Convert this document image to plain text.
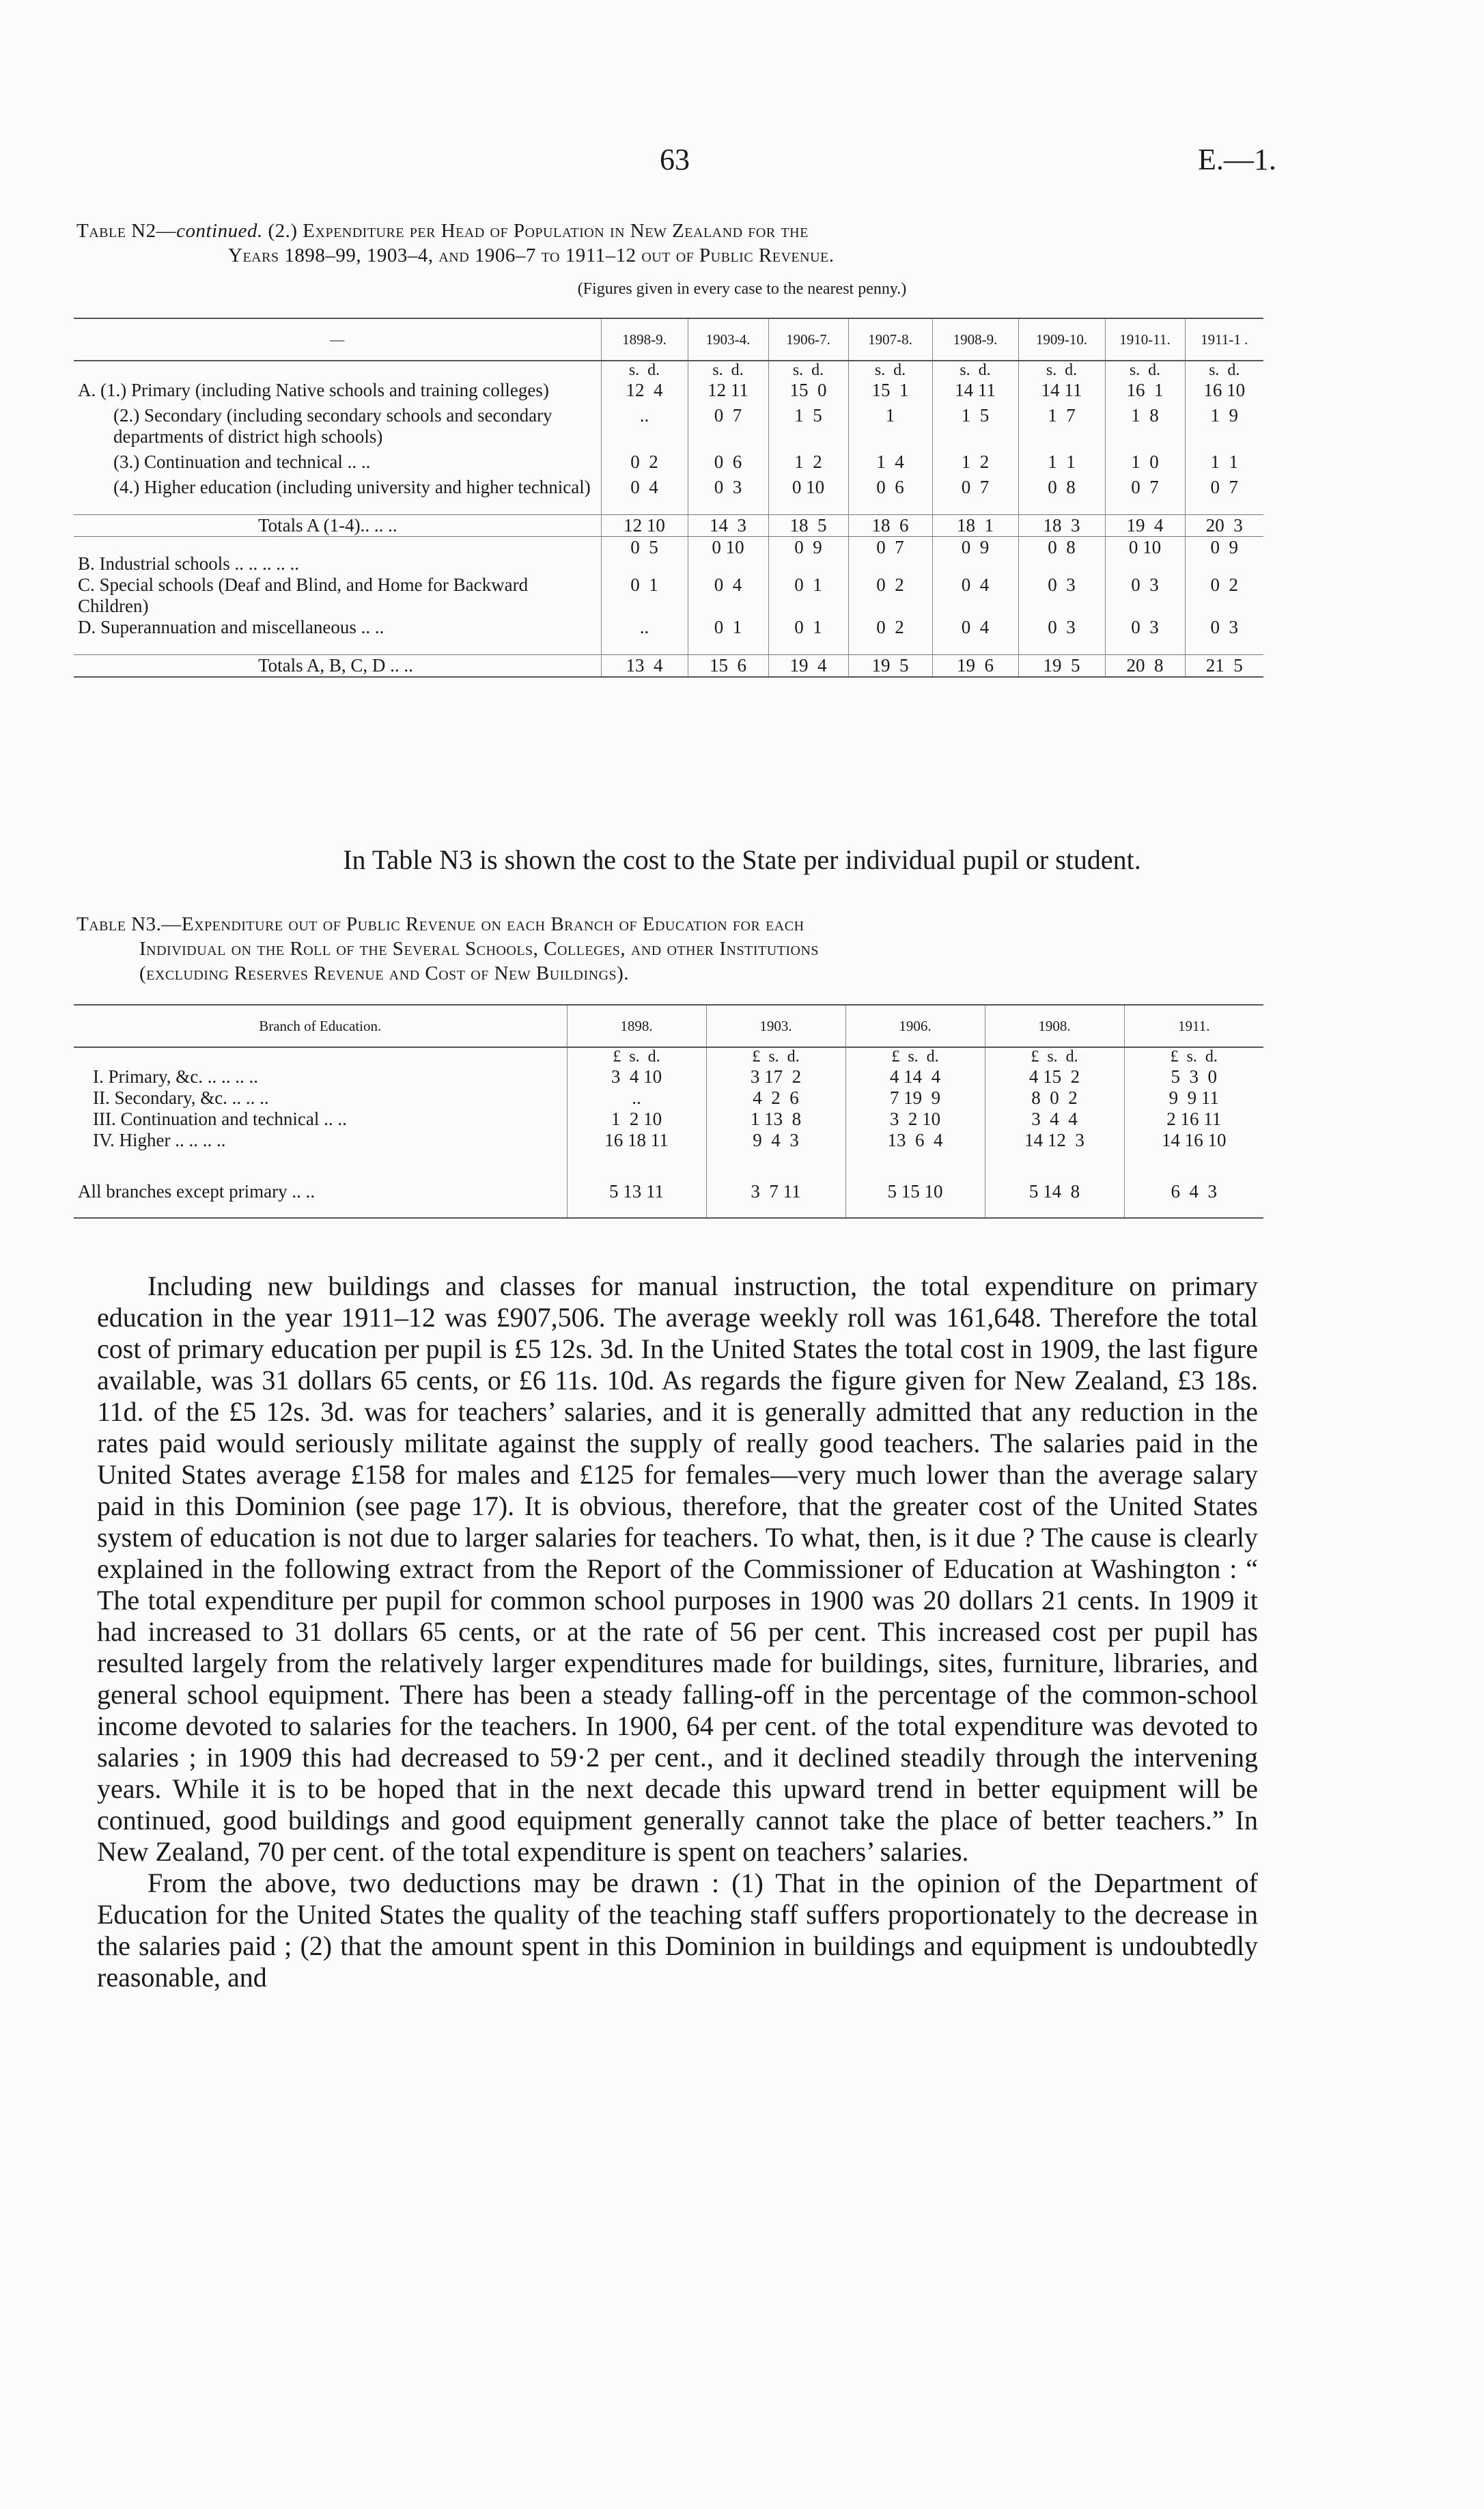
63	E.—1.
Table N2—continued. (2.) Expenditure per Head of Population in New Zealand for the
Years 1898–99, 1903–4, and 1906–7 to 1911–12 out of Public Revenue.
(Figures given in every case to the nearest penny.)
—	1898-9.	1903-4.	1906-7.	1907-8.	1908-9.	1909-10.	1910-11.	1911-1 .
	s.  d.	s.  d.	s.  d.	s.  d.	s.  d.	s.  d.	s.  d.	s.  d.
A. (1.) Primary (including Native schools and training colleges)	12  4	12 11	15  0	15  1	14 11	14 11	16  1	16 10
(2.) Secondary (including secondary schools and secondary departments of district high schools)	..	0  7	1  5	1	1  5	1  7	1  8	1  9
(3.) Continuation and technical .. ..	0  2	0  6	1  2	1  4	1  2	1  1	1  0	1  1
(4.) Higher education (including university and higher technical)	0  4	0  3	0 10	0  6	0  7	0  8	0  7	0  7
Totals A (1-4).. .. ..	12 10	14  3	18  5	18  6	18  1	18  3	19  4	20  3
B. Industrial schools .. .. .. .. ..	0  5	0 10	0  9	0  7	0  9	0  8	0 10	0  9
C. Special schools (Deaf and Blind, and Home for Backward Children)	0  1	0  4	0  1	0  2	0  4	0  3	0  3	0  2
D. Superannuation and miscellaneous .. ..	..	0  1	0  1	0  2	0  4	0  3	0  3	0  3
Totals A, B, C, D .. ..	13  4	15  6	19  4	19  5	19  6	19  5	20  8	21  5
In Table N3 is shown the cost to the State per individual pupil or student.
Table N3.—Expenditure out of Public Revenue on each Branch of Education for each
Individual on the Roll of the Several Schools, Colleges, and other Institutions
(excluding Reserves Revenue and Cost of New Buildings).
Branch of Education.	1898.	1903.	1906.	1908.	1911.
	£  s.  d.	£  s.  d.	£  s.  d.	£  s.  d.	£  s.  d.
I. Primary, &c. .. .. .. ..	3  4 10	3 17  2	4 14  4	4 15  2	5  3  0
II. Secondary, &c. .. .. ..	..	4  2  6	7 19  9	8  0  2	9  9 11
III. Continuation and technical .. ..	1  2 10	1 13  8	3  2 10	3  4  4	2 16 11
IV. Higher .. .. .. ..	16 18 11	9  4  3	13  6  4	14 12  3	14 16 10
All branches except primary .. ..	5 13 11	3  7 11	5 15 10	5 14  8	6  4  3

Including new buildings and classes for manual instruction, the total expenditure on primary education in the year 1911–12 was £907,506. The average weekly roll was 161,648. Therefore the total cost of primary education per pupil is £5 12s. 3d. In the United States the total cost in 1909, the last figure available, was 31 dollars 65 cents, or £6 11s. 10d. As regards the figure given for New Zealand, £3 18s. 11d. of the £5 12s. 3d. was for teachers’ salaries, and it is generally admitted that any reduction in the rates paid would seriously militate against the supply of really good teachers. The salaries paid in the United States average £158 for males and £125 for females—very much lower than the average salary paid in this Dominion (see page 17). It is obvious, therefore, that the greater cost of the United States system of education is not due to larger salaries for teachers. To what, then, is it due ? The cause is clearly explained in the following extract from the Report of the Commissioner of Education at Washington : “ The total expenditure per pupil for common school purposes in 1900 was 20 dollars 21 cents. In 1909 it had increased to 31 dollars 65 cents, or at the rate of 56 per cent. This increased cost per pupil has resulted largely from the relatively larger expenditures made for buildings, sites, furniture, libraries, and general school equipment. There has been a steady falling-off in the percentage of the common-school income devoted to salaries for the teachers. In 1900, 64 per cent. of the total expenditure was devoted to salaries ; in 1909 this had decreased to 59·2 per cent., and it declined steadily through the intervening years. While it is to be hoped that in the next decade this upward trend in better equipment will be continued, good buildings and good equipment generally cannot take the place of better teachers.” In New Zealand, 70 per cent. of the total expenditure is spent on teachers’ salaries.

From the above, two deductions may be drawn : (1) That in the opinion of the Department of Education for the United States the quality of the teaching staff suffers proportionately to the decrease in the salaries paid ; (2) that the amount spent in this Dominion in buildings and equipment is undoubtedly reasonable, and
